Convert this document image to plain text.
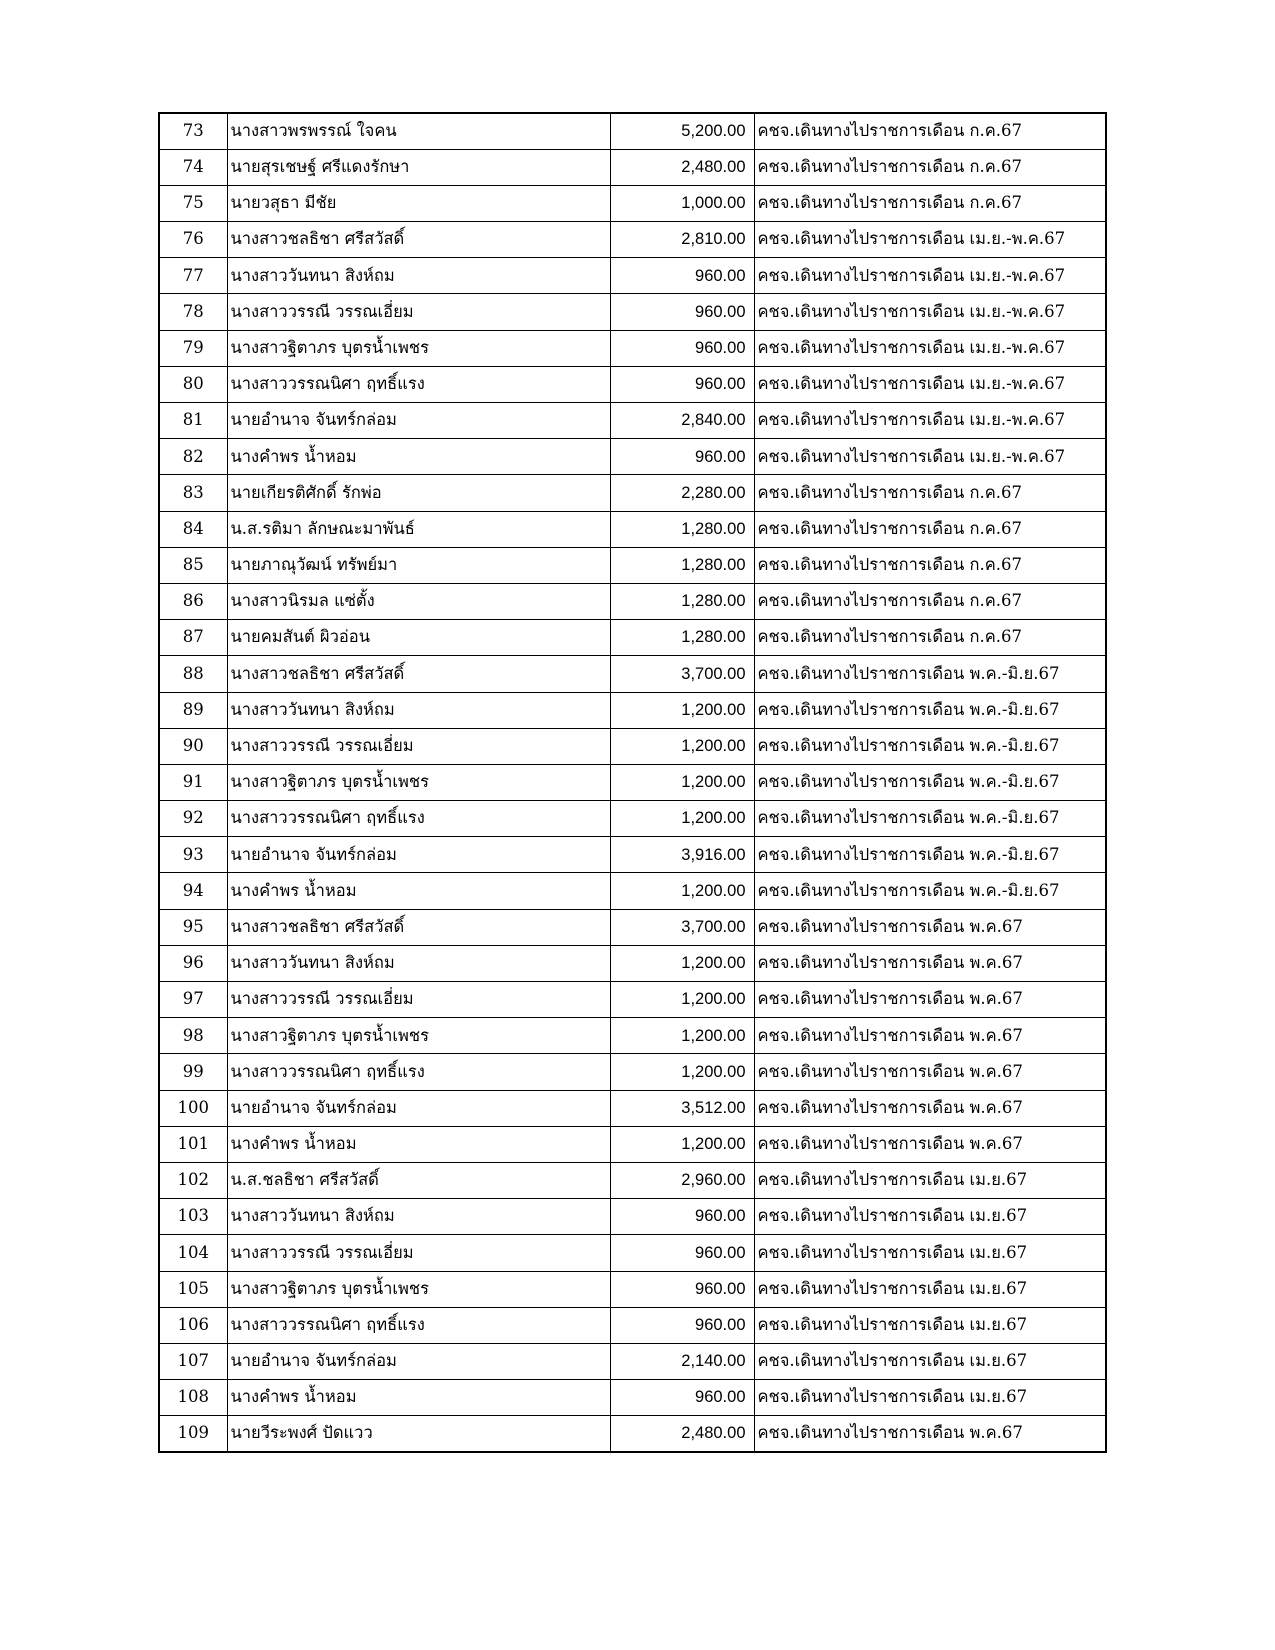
73	นางสาวพรพรรณ์ ใจคน	5,200.00	คชจ.เดินทางไปราชการเดือน ก.ค.67
74	นายสุรเชษฐ์ ศรีแดงรักษา	2,480.00	คชจ.เดินทางไปราชการเดือน ก.ค.67
75	นายวสุธา มีชัย	1,000.00	คชจ.เดินทางไปราชการเดือน ก.ค.67
76	นางสาวชลธิชา ศรีสวัสดิ์	2,810.00	คชจ.เดินทางไปราชการเดือน เม.ย.-พ.ค.67
77	นางสาววันทนา สิงห์ถม	960.00	คชจ.เดินทางไปราชการเดือน เม.ย.-พ.ค.67
78	นางสาววรรณี วรรณเอี่ยม	960.00	คชจ.เดินทางไปราชการเดือน เม.ย.-พ.ค.67
79	นางสาวฐิตาภร บุตรน้ำเพชร	960.00	คชจ.เดินทางไปราชการเดือน เม.ย.-พ.ค.67
80	นางสาววรรณนิศา ฤทธิ์แรง	960.00	คชจ.เดินทางไปราชการเดือน เม.ย.-พ.ค.67
81	นายอำนาจ จันทร์กล่อม	2,840.00	คชจ.เดินทางไปราชการเดือน เม.ย.-พ.ค.67
82	นางคำพร น้ำหอม	960.00	คชจ.เดินทางไปราชการเดือน เม.ย.-พ.ค.67
83	นายเกียรติศักดิ์ รักพ่อ	2,280.00	คชจ.เดินทางไปราชการเดือน ก.ค.67
84	น.ส.รติมา ลักษณะมาพันธ์	1,280.00	คชจ.เดินทางไปราชการเดือน ก.ค.67
85	นายภาณุวัฒน์ ทรัพย์มา	1,280.00	คชจ.เดินทางไปราชการเดือน ก.ค.67
86	นางสาวนิรมล แซ่ตั้ง	1,280.00	คชจ.เดินทางไปราชการเดือน ก.ค.67
87	นายคมสันต์ ผิวอ่อน	1,280.00	คชจ.เดินทางไปราชการเดือน ก.ค.67
88	นางสาวชลธิชา ศรีสวัสดิ์	3,700.00	คชจ.เดินทางไปราชการเดือน พ.ค.-มิ.ย.67
89	นางสาววันทนา สิงห์ถม	1,200.00	คชจ.เดินทางไปราชการเดือน พ.ค.-มิ.ย.67
90	นางสาววรรณี วรรณเอี่ยม	1,200.00	คชจ.เดินทางไปราชการเดือน พ.ค.-มิ.ย.67
91	นางสาวฐิตาภร บุตรน้ำเพชร	1,200.00	คชจ.เดินทางไปราชการเดือน พ.ค.-มิ.ย.67
92	นางสาววรรณนิศา ฤทธิ์แรง	1,200.00	คชจ.เดินทางไปราชการเดือน พ.ค.-มิ.ย.67
93	นายอำนาจ จันทร์กล่อม	3,916.00	คชจ.เดินทางไปราชการเดือน พ.ค.-มิ.ย.67
94	นางคำพร น้ำหอม	1,200.00	คชจ.เดินทางไปราชการเดือน พ.ค.-มิ.ย.67
95	นางสาวชลธิชา ศรีสวัสดิ์	3,700.00	คชจ.เดินทางไปราชการเดือน พ.ค.67
96	นางสาววันทนา สิงห์ถม	1,200.00	คชจ.เดินทางไปราชการเดือน พ.ค.67
97	นางสาววรรณี วรรณเอี่ยม	1,200.00	คชจ.เดินทางไปราชการเดือน พ.ค.67
98	นางสาวฐิตาภร บุตรน้ำเพชร	1,200.00	คชจ.เดินทางไปราชการเดือน พ.ค.67
99	นางสาววรรณนิศา ฤทธิ์แรง	1,200.00	คชจ.เดินทางไปราชการเดือน พ.ค.67
100	นายอำนาจ จันทร์กล่อม	3,512.00	คชจ.เดินทางไปราชการเดือน พ.ค.67
101	นางคำพร น้ำหอม	1,200.00	คชจ.เดินทางไปราชการเดือน พ.ค.67
102	น.ส.ชลธิชา ศรีสวัสดิ์	2,960.00	คชจ.เดินทางไปราชการเดือน เม.ย.67
103	นางสาววันทนา สิงห์ถม	960.00	คชจ.เดินทางไปราชการเดือน เม.ย.67
104	นางสาววรรณี วรรณเอี่ยม	960.00	คชจ.เดินทางไปราชการเดือน เม.ย.67
105	นางสาวฐิตาภร บุตรน้ำเพชร	960.00	คชจ.เดินทางไปราชการเดือน เม.ย.67
106	นางสาววรรณนิศา ฤทธิ์แรง	960.00	คชจ.เดินทางไปราชการเดือน เม.ย.67
107	นายอำนาจ จันทร์กล่อม	2,140.00	คชจ.เดินทางไปราชการเดือน เม.ย.67
108	นางคำพร น้ำหอม	960.00	คชจ.เดินทางไปราชการเดือน เม.ย.67
109	นายวีระพงศ์ ปัดแวว	2,480.00	คชจ.เดินทางไปราชการเดือน พ.ค.67
